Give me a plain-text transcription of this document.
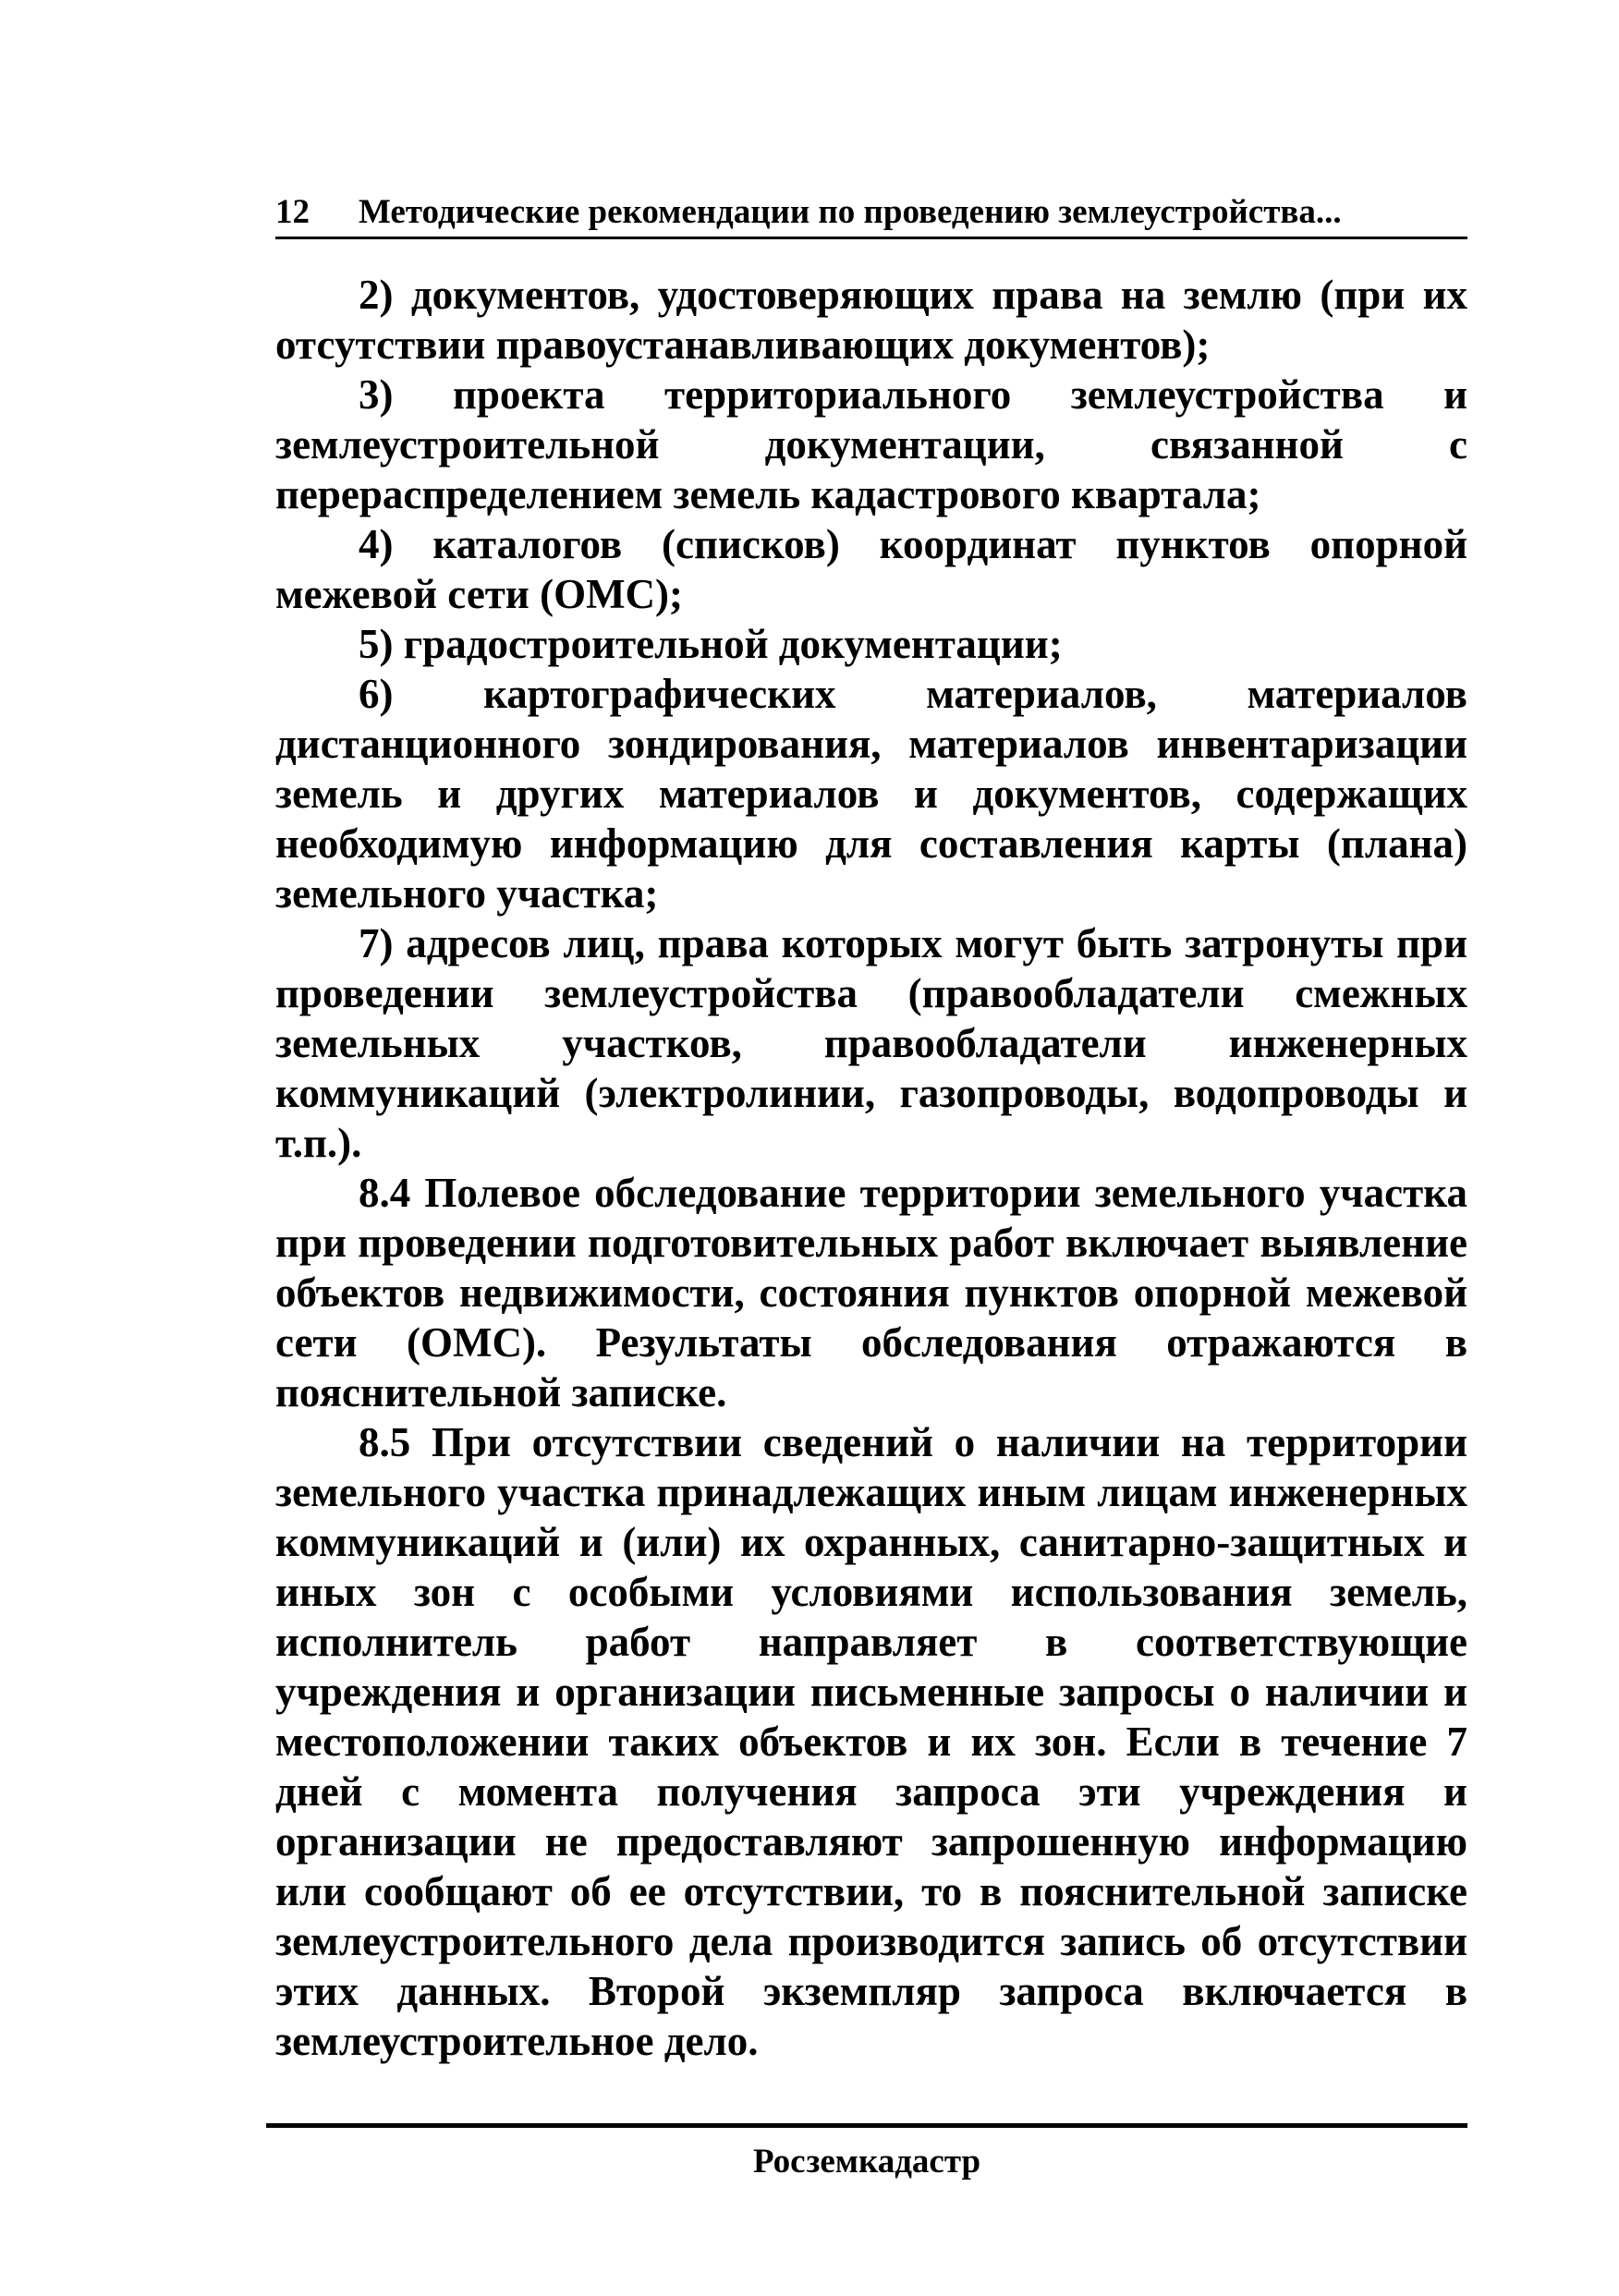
12	Методические рекомендации по проведению землеустройства...

2) документов, удостоверяющих права на землю (при их отсутствии правоустанавливающих документов);

3) проекта территориального землеустройства и землеустроительной документации, связанной с перераспределением земель кадастрового квартала;

4) каталогов (списков) координат пунктов опорной межевой сети (ОМС);

5) градостроительной документации;

6) картографических материалов, материалов дистанционного зондирования, материалов инвентаризации земель и других материалов и документов, содержащих необходимую информацию для составления карты (плана) земельного участка;

7) адресов лиц, права которых могут быть затронуты при проведении землеустройства (правообладатели смежных земельных участков, правообладатели инженерных коммуникаций (электролинии, газопроводы, водопроводы и т.п.).

8.4 Полевое обследование территории земельного участка при проведении подготовительных работ включает выявление объектов недвижимости, состояния пунктов опорной межевой сети (ОМС). Результаты обследования отражаются в пояснительной записке.

8.5 При отсутствии сведений о наличии на территории земельного участка принадлежащих иным лицам инженерных коммуникаций и (или) их охранных, санитарно-защитных и иных зон с особыми условиями использования земель, исполнитель работ направляет в соответствующие учреждения и организации письменные запросы о наличии и местоположении таких объектов и их зон. Если в течение 7 дней с момента получения запроса эти учреждения и организации не предоставляют запрошенную информацию или сообщают об ее отсутствии, то в пояснительной записке землеустроительного дела производится запись об отсутствии этих данных. Второй экземпляр запроса включается в землеустроительное дело.

Росземкадастр
